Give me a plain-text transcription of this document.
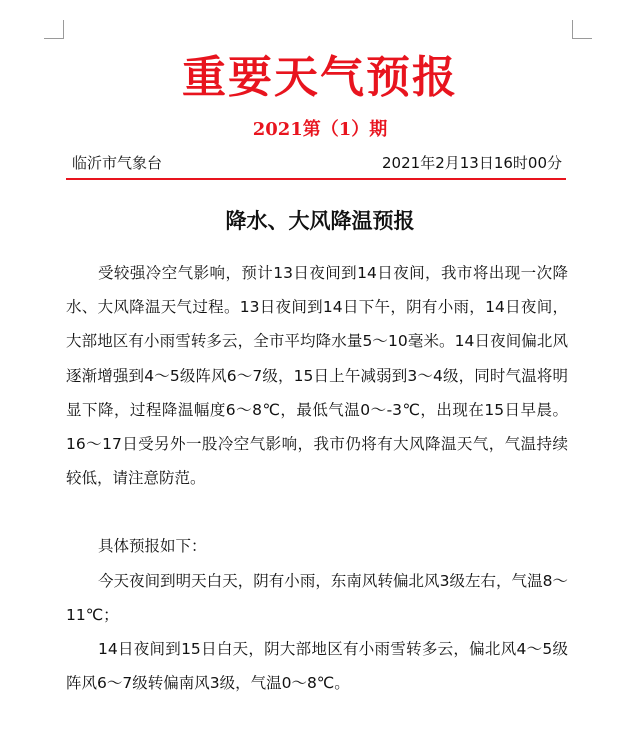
重要天气预报
2021第（1）期
临沂市气象台	2021年2月13日16时00分
降水、大风降温预报

受较强冷空气影响，预计13日夜间到14日夜间，我市将出现一次降水、大风降温天气过程。13日夜间到14日下午，阴有小雨，14日夜间，大部地区有小雨雪转多云，全市平均降水量5～10毫米。14日夜间偏北风逐渐增强到4～5级阵风6～7级，15日上午减弱到3～4级，同时气温将明显下降，过程降温幅度6～8℃，最低气温0～-3℃，出现在15日早晨。16～17日受另外一股冷空气影响，我市仍将有大风降温天气，气温持续较低，请注意防范。

具体预报如下：

今天夜间到明天白天，阴有小雨，东南风转偏北风3级左右，气温8～11℃；

14日夜间到15日白天，阴大部地区有小雨雪转多云，偏北风4～5级阵风6～7级转偏南风3级，气温0～8℃。
